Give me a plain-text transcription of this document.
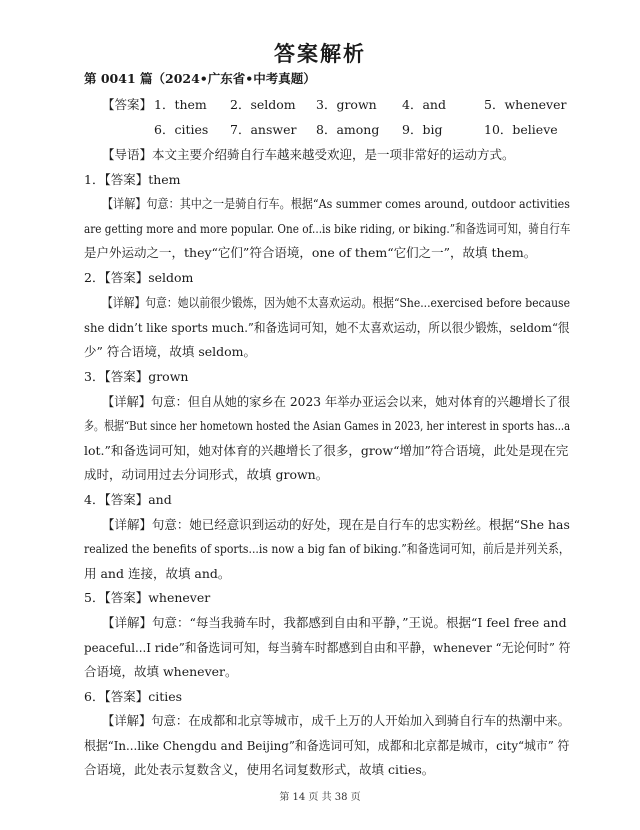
答案解析
第 0041 篇（2024•广东省•中考真题）
【答案】 1．them 2．seldom 3．grown 4．and	5．whenever
6．cities 7．answer 8．among 9．big	10．believe
【导语】本文主要介绍骑自行车越来越受欢迎，是一项非常好的运动方式。
1．【答案】them
【详解】句意：其中之一是骑自行车。根据“As summer comes around, outdoor activities
are getting more and more popular. One of...is bike riding, or biking.”和备选词可知，骑自行车
是户外运动之一，they“它们”符合语境，one of them“它们之一”，故填 them。
2．【答案】seldom
【详解】句意：她以前很少锻炼，因为她不太喜欢运动。根据“She...exercised before because
she didn’t like sports much.”和备选词可知，她不太喜欢运动，所以很少锻炼，seldom“很
少” 符合语境，故填 seldom。
3．【答案】grown
【详解】句意：但自从她的家乡在 2023 年举办亚运会以来，她对体育的兴趣增长了很
多。根据“But since her hometown hosted the Asian Games in 2023, her interest in sports has...a
lot.”和备选词可知，她对体育的兴趣增长了很多，grow“增加”符合语境，此处是现在完
成时，动词用过去分词形式，故填 grown。
4．【答案】and
【详解】句意：她已经意识到运动的好处，现在是自行车的忠实粉丝。根据“She has
realized the benefits of sports...is now a big fan of biking.”和备选词可知，前后是并列关系，
用 and 连接，故填 and。
5．【答案】whenever
【详解】句意：“每当我骑车时，我都感到自由和平静，”王说。根据“I feel free and
peaceful...I ride”和备选词可知，每当骑车时都感到自由和平静，whenever “无论何时” 符
合语境，故填 whenever。
6．【答案】cities
【详解】句意：在成都和北京等城市，成千上万的人开始加入到骑自行车的热潮中来。
根据“In...like Chengdu and Beijing”和备选词可知，成都和北京都是城市，city“城市” 符
合语境，此处表示复数含义，使用名词复数形式，故填 cities。
第 14 页 共 38 页
